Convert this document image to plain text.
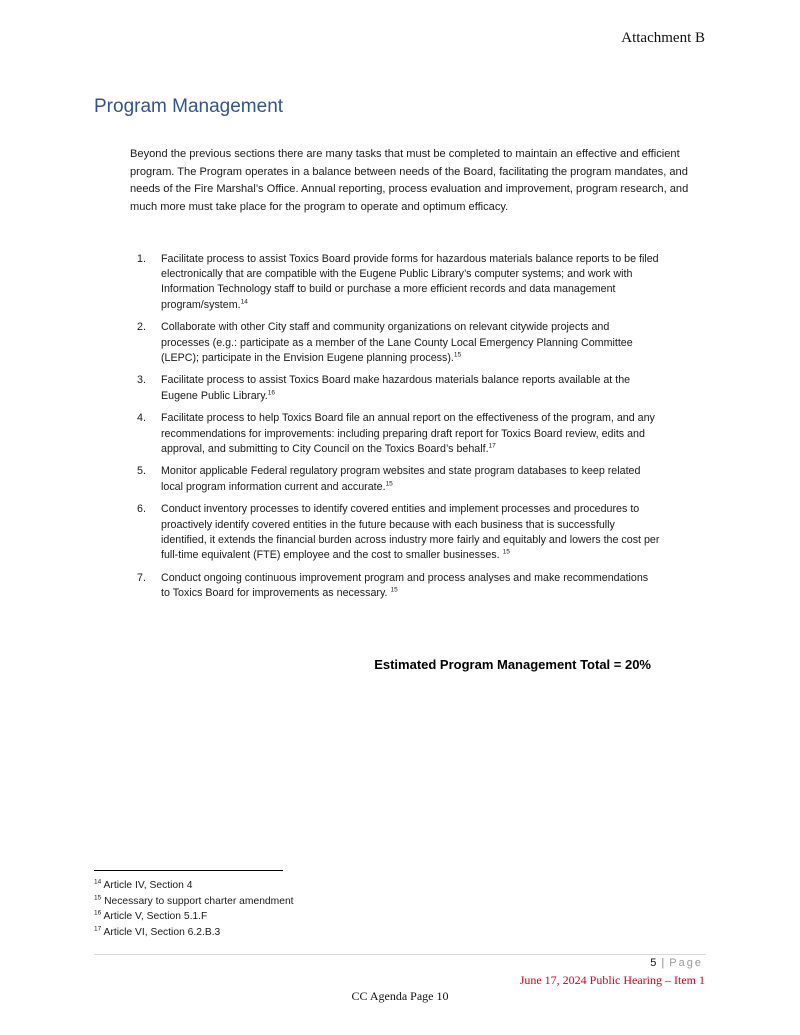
Attachment B
Program Management

Beyond the previous sections there are many tasks that must be completed to maintain an effective and efficient program. The Program operates in a balance between needs of the Board, facilitating the program mandates, and needs of the Fire Marshal’s Office. Annual reporting, process evaluation and improvement, program research, and much more must take place for the program to operate and optimum efficacy.

1. Facilitate process to assist Toxics Board provide forms for hazardous materials balance reports to be filed electronically that are compatible with the Eugene Public Library’s computer systems; and work with Information Technology staff to build or purchase a more efficient records and data management program/system.$^{14}$
2. Collaborate with other City staff and community organizations on relevant citywide projects and processes (e.g.: participate as a member of the Lane County Local Emergency Planning Committee (LEPC); participate in the Envision Eugene planning process).$^{15}$
3. Facilitate process to assist Toxics Board make hazardous materials balance reports available at the Eugene Public Library.$^{16}$
4. Facilitate process to help Toxics Board file an annual report on the effectiveness of the program, and any recommendations for improvements: including preparing draft report for Toxics Board review, edits and approval, and submitting to City Council on the Toxics Board’s behalf.$^{17}$
5. Monitor applicable Federal regulatory program websites and state program databases to keep related local program information current and accurate.$^{15}$
6. Conduct inventory processes to identify covered entities and implement processes and procedures to proactively identify covered entities in the future because with each business that is successfully identified, it extends the financial burden across industry more fairly and equitably and lowers the cost per full-time equivalent (FTE) employee and the cost to smaller businesses. $^{15}$
7. Conduct ongoing continuous improvement program and process analyses and make recommendations to Toxics Board for improvements as necessary. $^{15}$
Estimated Program Management Total = 20%
$^{14}$ Article IV, Section 4
$^{15}$ Necessary to support charter amendment
$^{16}$ Article V, Section 5.1.F
$^{17}$ Article VI, Section 6.2.B.3
5 | Page
June 17, 2024 Public Hearing – Item 1
CC Agenda Page 10
